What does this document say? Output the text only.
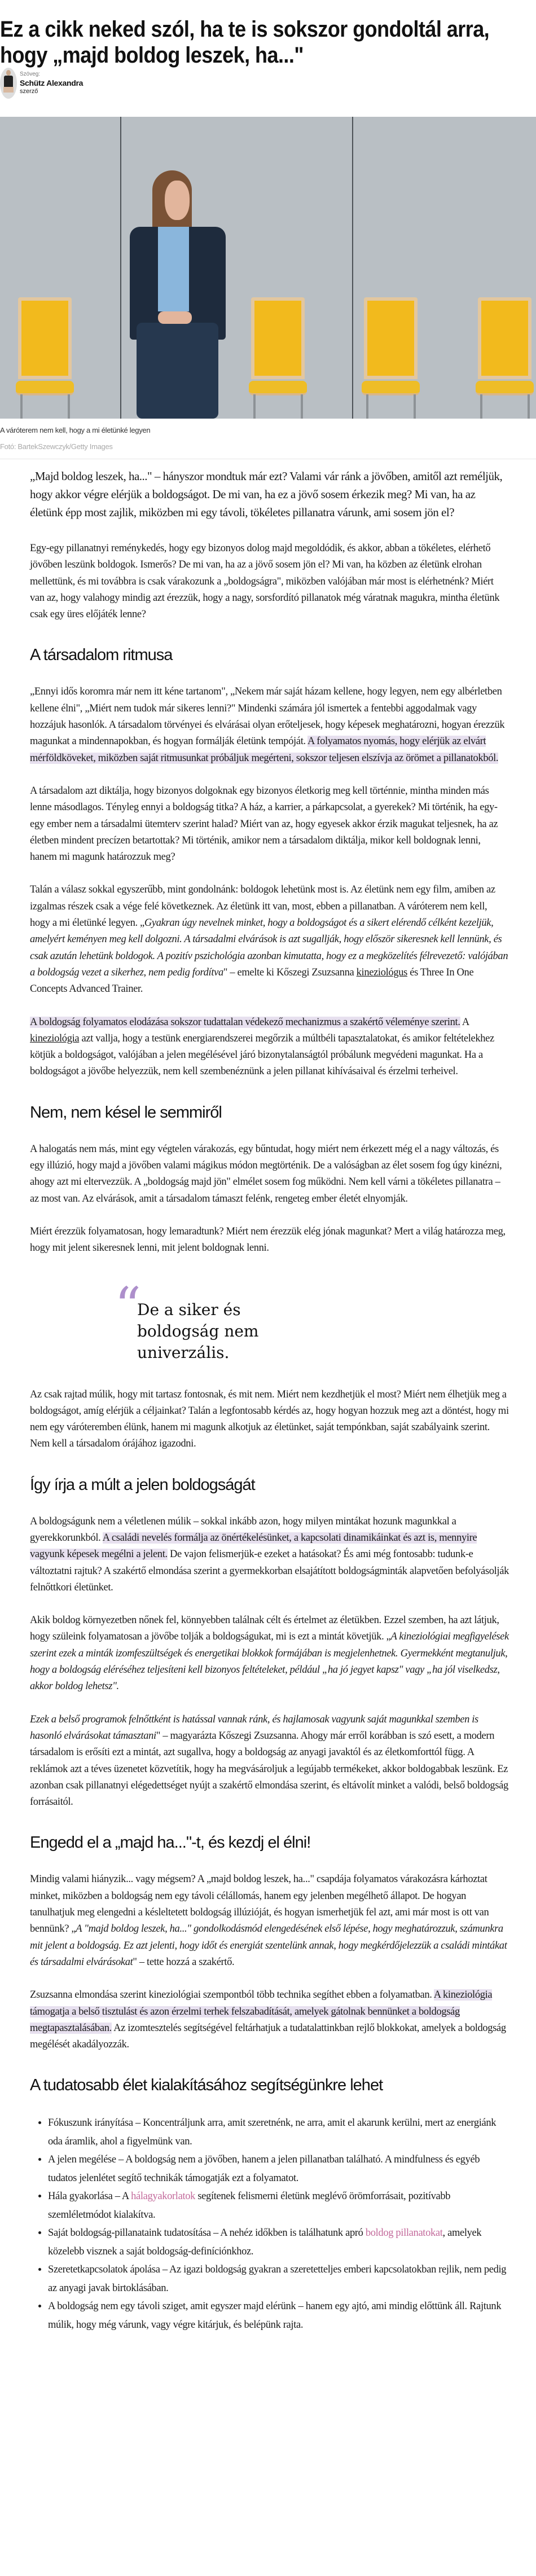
Ez a cikk neked szól, ha te is sokszor gondoltál arra, hogy „majd boldog leszek, ha..."
Szöveg:
Schütz Alexandra
szerző
A váróterem nem kell, hogy a mi életünké legyen
Fotó: BartekSzewczyk/Getty Images

„Majd boldog leszek, ha..." – hányszor mondtuk már ezt? Valami vár ránk a jövőben, amitől azt reméljük, hogy akkor végre elérjük a boldogságot. De mi van, ha ez a jövő sosem érkezik meg? Mi van, ha az életünk épp most zajlik, miközben mi egy távoli, tökéletes pillanatra várunk, ami sosem jön el?

Egy-egy pillanatnyi reménykedés, hogy egy bizonyos dolog majd megoldódik, és akkor, abban a tökéletes, elérhető jövőben leszünk boldogok. Ismerős? De mi van, ha az a jövő sosem jön el? Mi van, ha közben az életünk elrohan mellettünk, és mi továbbra is csak várakozunk a „boldogságra", miközben valójában már most is elérhetnénk? Miért van az, hogy valahogy mindig azt érezzük, hogy a nagy, sorsfordító pillanatok még váratnak magukra, mintha életünk csak egy üres előjáték lenne?

A társadalom ritmusa

„Ennyi idős koromra már nem itt kéne tartanom", „Nekem már saját házam kellene, hogy legyen, nem egy albérletben kellene élni", „Miért nem tudok már sikeres lenni?" Mindenki számára jól ismertek a fentebbi aggodalmak vagy hozzájuk hasonlók. A társadalom törvényei és elvárásai olyan erőteljesek, hogy képesek meghatározni, hogyan érezzük magunkat a mindennapokban, és hogyan formálják életünk tempóját. A folyamatos nyomás, hogy elérjük az elvárt mérföldköveket, miközben saját ritmusunkat próbáljuk megérteni, sokszor teljesen elszívja az örömet a pillanatokból.

A társadalom azt diktálja, hogy bizonyos dolgoknak egy bizonyos életkorig meg kell történnie, mintha minden más lenne másodlagos. Tényleg ennyi a boldogság titka? A ház, a karrier, a párkapcsolat, a gyerekek? Mi történik, ha egy-egy ember nem a társadalmi ütemterv szerint halad? Miért van az, hogy egyesek akkor érzik magukat teljesnek, ha az életben mindent precízen betartottak? Mi történik, amikor nem a társadalom diktálja, mikor kell boldognak lenni, hanem mi magunk határozzuk meg?

Talán a válasz sokkal egyszerűbb, mint gondolnánk: boldogok lehetünk most is. Az életünk nem egy film, amiben az izgalmas részek csak a vége felé következnek. Az életünk itt van, most, ebben a pillanatban. A váróterem nem kell, hogy a mi életünké legyen. „Gyakran úgy nevelnek minket, hogy a boldogságot és a sikert elérendő célként kezeljük, amelyért keményen meg kell dolgozni. A társadalmi elvárások is azt sugallják, hogy először sikeresnek kell lennünk, és csak azután lehetünk boldogok. A pozitív pszichológia azonban kimutatta, hogy ez a megközelítés félrevezető: valójában a boldogság vezet a sikerhez, nem pedig fordítva" – emelte ki Kőszegi Zsuzsanna kineziológus és Three In One Concepts Advanced Trainer.

A boldogság folyamatos elodázása sokszor tudattalan védekező mechanizmus a szakértő véleménye szerint. A kineziológia azt vallja, hogy a testünk energiarendszerei megőrzik a múltbéli tapasztalatokat, és amikor feltételekhez kötjük a boldogságot, valójában a jelen megélésével járó bizonytalanságtól próbálunk megvédeni magunkat. Ha a boldogságot a jövőbe helyezzük, nem kell szembenéznünk a jelen pillanat kihívásaival és érzelmi terheivel.

Nem, nem késel le semmiről

A halogatás nem más, mint egy végtelen várakozás, egy bűntudat, hogy miért nem érkezett még el a nagy változás, és egy illúzió, hogy majd a jövőben valami mágikus módon megtörténik. De a valóságban az élet sosem fog úgy kinézni, ahogy azt mi eltervezzük. A „boldogság majd jön" elmélet sosem fog működni. Nem kell várni a tökéletes pillanatra – az most van. Az elvárások, amit a társadalom támaszt felénk, rengeteg ember életét elnyomják.

Miért érezzük folyamatosan, hogy lemaradtunk? Miért nem érezzük elég jónak magunkat? Mert a világ határozza meg, hogy mit jelent sikeresnek lenni, mit jelent boldognak lenni.

“
De a siker és boldogság nem univerzális.

Az csak rajtad múlik, hogy mit tartasz fontosnak, és mit nem. Miért nem kezdhetjük el most? Miért nem élhetjük meg a boldogságot, amíg elérjük a céljainkat? Talán a legfontosabb kérdés az, hogy hogyan hozzuk meg azt a döntést, hogy mi nem egy váróteremben élünk, hanem mi magunk alkotjuk az életünket, saját tempónkban, saját szabályaink szerint. Nem kell a társadalom órájához igazodni.

Így írja a múlt a jelen boldogságát

A boldogságunk nem a véletlenen múlik – sokkal inkább azon, hogy milyen mintákat hozunk magunkkal a gyerekkorunkból. A családi nevelés formálja az önértékelésünket, a kapcsolati dinamikáinkat és azt is, mennyire vagyunk képesek megélni a jelent. De vajon felismerjük-e ezeket a hatásokat? És ami még fontosabb: tudunk-e változtatni rajtuk? A szakértő elmondása szerint a gyermekkorban elsajátított boldogságminták alapvetően befolyásolják felnőttkori életünket.

Akik boldog környezetben nőnek fel, könnyebben találnak célt és értelmet az életükben. Ezzel szemben, ha azt látjuk, hogy szüleink folyamatosan a jövőbe tolják a boldogságukat, mi is ezt a mintát követjük. „A kineziológiai megfigyelések szerint ezek a minták izomfeszültségek és energetikai blokkok formájában is megjelenhetnek. Gyermekként megtanuljuk, hogy a boldogság eléréséhez teljesíteni kell bizonyos feltételeket, például „ha jó jegyet kapsz" vagy „ha jól viselkedsz, akkor boldog lehetsz".

Ezek a belső programok felnőttként is hatással vannak ránk, és hajlamosak vagyunk saját magunkkal szemben is hasonló elvárásokat támasztani" – magyarázta Kőszegi Zsuzsanna. Ahogy már erről korábban is szó esett, a modern társadalom is erősíti ezt a mintát, azt sugallva, hogy a boldogság az anyagi javaktól és az életkomforttól függ. A reklámok azt a téves üzenetet közvetítik, hogy ha megvásároljuk a legújabb termékeket, akkor boldogabbak leszünk. Ez azonban csak pillanatnyi elégedettséget nyújt a szakértő elmondása szerint, és eltávolít minket a valódi, belső boldogság forrásaitól.

Engedd el a „majd ha..."-t, és kezdj el élni!

Mindig valami hiányzik... vagy mégsem? A „majd boldog leszek, ha..." csapdája folyamatos várakozásra kárhoztat minket, miközben a boldogság nem egy távoli célállomás, hanem egy jelenben megélhető állapot. De hogyan tanulhatjuk meg elengedni a késleltetett boldogság illúzióját, és hogyan ismerhetjük fel azt, ami már most is ott van bennünk? „A "majd boldog leszek, ha..." gondolkodásmód elengedésének első lépése, hogy meghatározzuk, számunkra mit jelent a boldogság. Ez azt jelenti, hogy időt és energiát szentelünk annak, hogy megkérdőjelezzük a családi mintákat és társadalmi elvárásokat" – tette hozzá a szakértő.

Zsuzsanna elmondása szerint kineziológiai szempontból több technika segíthet ebben a folyamatban. A kineziológia támogatja a belső tisztulást és azon érzelmi terhek felszabadítását, amelyek gátolnak bennünket a boldogság megtapasztalásában. Az izomtesztelés segítségével feltárhatjuk a tudatalattinkban rejlő blokkokat, amelyek a boldogság megélését akadályozzák.

A tudatosabb élet kialakításához segítségünkre lehet
• Fókuszunk irányítása – Koncentráljunk arra, amit szeretnénk, ne arra, amit el akarunk kerülni, mert az energiánk oda áramlik, ahol a figyelmünk van.
• A jelen megélése – A boldogság nem a jövőben, hanem a jelen pillanatban található. A mindfulness és egyéb tudatos jelenlétet segítő technikák támogatják ezt a folyamatot.
• Hála gyakorlása – A hálagyakorlatok segítenek felismerni életünk meglévő örömforrásait, pozitívabb szemléletmódot kialakítva.
• Saját boldogság-pillanataink tudatosítása – A nehéz időkben is találhatunk apró boldog pillanatokat, amelyek közelebb visznek a saját boldogság-definíciónkhoz.
• Szeretetkapcsolatok ápolása – Az igazi boldogság gyakran a szeretetteljes emberi kapcsolatokban rejlik, nem pedig az anyagi javak birtoklásában.
• A boldogság nem egy távoli sziget, amit egyszer majd elérünk – hanem egy ajtó, ami mindig előttünk áll. Rajtunk múlik, hogy még várunk, vagy végre kitárjuk, és belépünk rajta.
